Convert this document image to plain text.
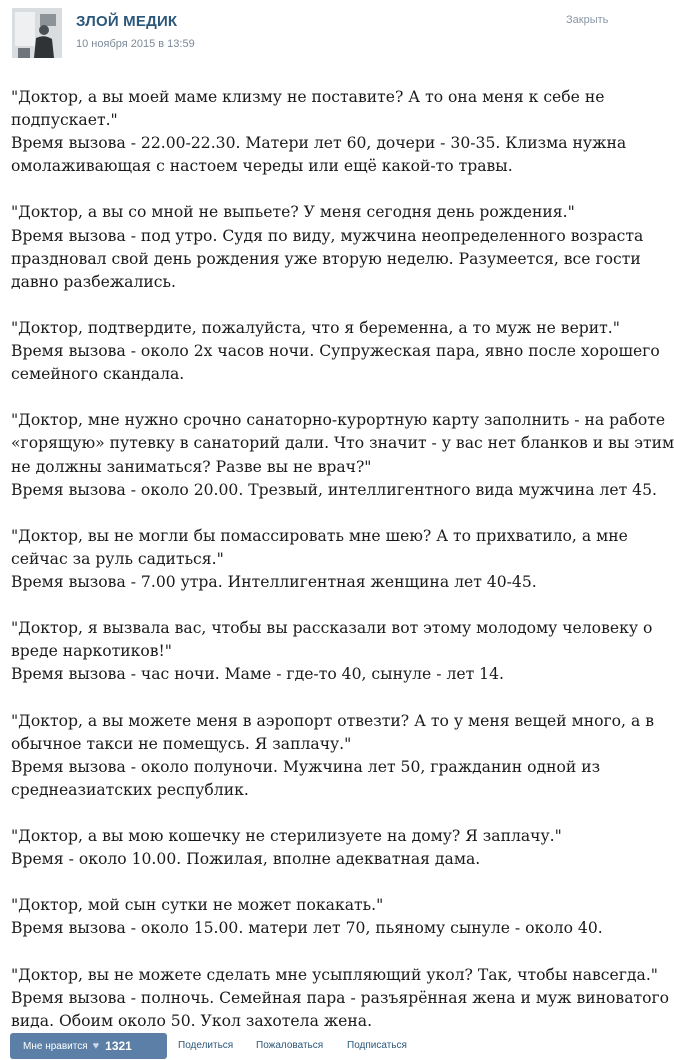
ЗЛОЙ МЕДИК
10 ноября 2015 в 13:59
Закрыть
"Доктор, а вы моей маме клизму не поставите? А то она меня к себе не
подпускает."
Время вызова - 22.00-22.30. Матери лет 60, дочери - 30-35. Клизма нужна
омолаживающая с настоем череды или ещё какой-то травы.
"Доктор, а вы со мной не выпьете? У меня сегодня день рождения."
Время вызова - под утро. Судя по виду, мужчина неопределенного возраста
праздновал свой день рождения уже вторую неделю. Разумеется, все гости
давно разбежались.
"Доктор, подтвердите, пожалуйста, что я беременна, а то муж не верит."
Время вызова - около 2х часов ночи. Супружеская пара, явно после хорошего
семейного скандала.
"Доктор, мне нужно срочно санаторно-курортную карту заполнить - на работе
«горящую» путевку в санаторий дали. Что значит - у вас нет бланков и вы этим
не должны заниматься? Разве вы не врач?"
Время вызова - около 20.00. Трезвый, интеллигентного вида мужчина лет 45.
"Доктор, вы не могли бы помассировать мне шею? А то прихватило, а мне
сейчас за руль садиться."
Время вызова - 7.00 утра. Интеллигентная женщина лет 40-45.
"Доктор, я вызвала вас, чтобы вы рассказали вот этому молодому человеку о
вреде наркотиков!"
Время вызова - час ночи. Маме - где-то 40, сынуле - лет 14.
"Доктор, а вы можете меня в аэропорт отвезти? А то у меня вещей много, а в
обычное такси не помещусь. Я заплачу."
Время вызова - около полуночи. Мужчина лет 50, гражданин одной из
среднеазиатских республик.
"Доктор, а вы мою кошечку не стерилизуете на дому? Я заплачу."
Время - около 10.00. Пожилая, вполне адекватная дама.
"Доктор, мой сын сутки не может покакать."
Время вызова - около 15.00. матери лет 70, пьяному сынуле - около 40.
"Доктор, вы не можете сделать мне усыпляющий укол? Так, чтобы навсегда."
Время вызова - полночь. Семейная пара - разъярённая жена и муж виноватого
вида. Обоим около 50. Укол захотела жена.
Мне нравится ♥ 1321	Поделиться Пожаловаться Подписаться
